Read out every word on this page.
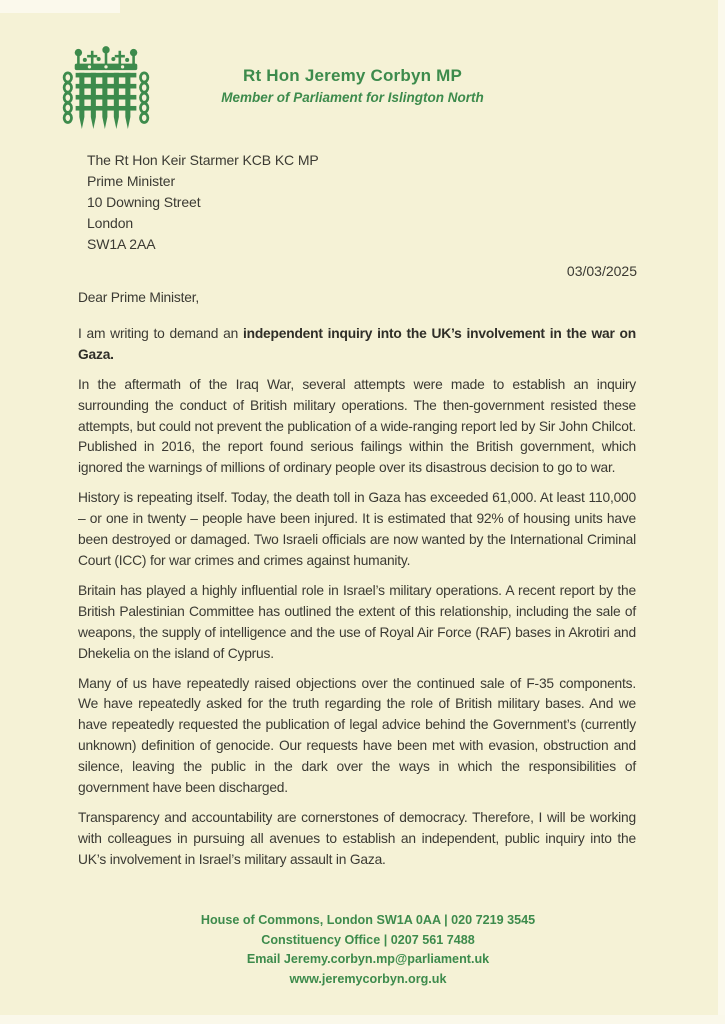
Rt Hon Jeremy Corbyn MP
Member of Parliament for Islington North
The Rt Hon Keir Starmer KCB KC MP
Prime Minister
10 Downing Street
London
SW1A 2AA
03/03/2025

Dear Prime Minister,

I am writing to demand an independent inquiry into the UK’s involvement in the war on Gaza.

In the aftermath of the Iraq War, several attempts were made to establish an inquiry surrounding the conduct of British military operations. The then-government resisted these attempts, but could not prevent the publication of a wide-ranging report led by Sir John Chilcot. Published in 2016, the report found serious failings within the British government, which ignored the warnings of millions of ordinary people over its disastrous decision to go to war.

History is repeating itself. Today, the death toll in Gaza has exceeded 61,000. At least 110,000 – or one in twenty – people have been injured. It is estimated that 92% of housing units have been destroyed or damaged. Two Israeli officials are now wanted by the International Criminal Court (ICC) for war crimes and crimes against humanity.

Britain has played a highly influential role in Israel’s military operations. A recent report by the British Palestinian Committee has outlined the extent of this relationship, including the sale of weapons, the supply of intelligence and the use of Royal Air Force (RAF) bases in Akrotiri and Dhekelia on the island of Cyprus.

Many of us have repeatedly raised objections over the continued sale of F-35 components. We have repeatedly asked for the truth regarding the role of British military bases. And we have repeatedly requested the publication of legal advice behind the Government’s (currently unknown) definition of genocide. Our requests have been met with evasion, obstruction and silence, leaving the public in the dark over the ways in which the responsibilities of government have been discharged.

Transparency and accountability are cornerstones of democracy. Therefore, I will be working with colleagues in pursuing all avenues to establish an independent, public inquiry into the UK’s involvement in Israel’s military assault in Gaza.

House of Commons, London SW1A 0AA | 020 7219 3545
Constituency Office | 0207 561 7488
Email Jeremy.corbyn.mp@parliament.uk
www.jeremycorbyn.org.uk
